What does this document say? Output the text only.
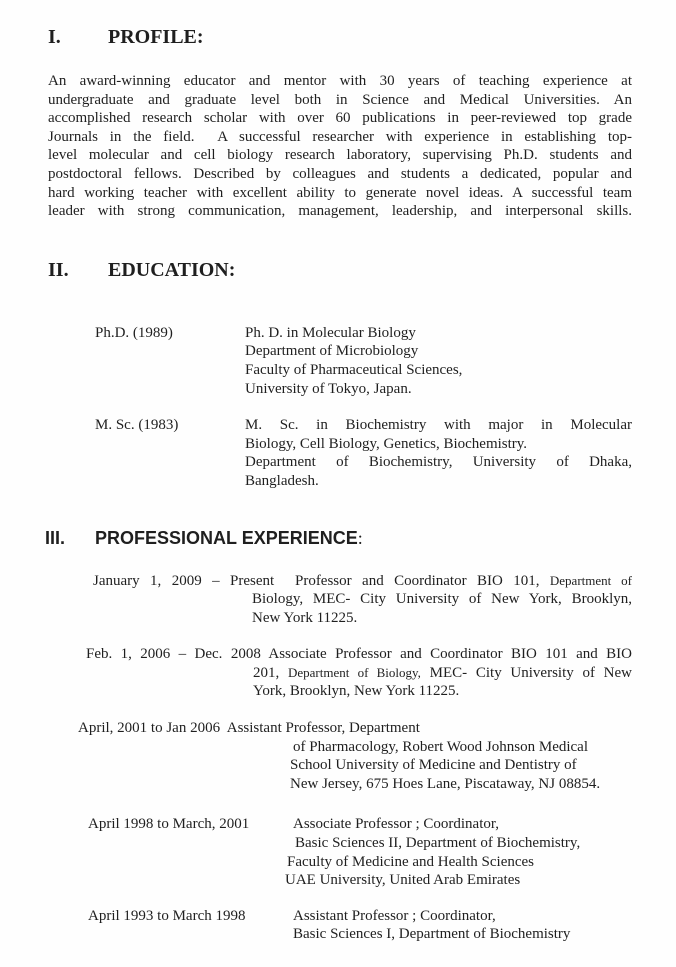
I.	PROFILE:

An award-winning educator and mentor with 30 years of teaching experience at
undergraduate and graduate level both in Science and Medical Universities. An
accomplished research scholar with over 60 publications in peer-reviewed top grade
Journals in the field.  A successful researcher with experience in establishing top-
level molecular and cell biology research laboratory, supervising Ph.D. students and
postdoctoral fellows. Described by colleagues and students a dedicated, popular and
hard working teacher with excellent ability to generate novel ideas. A successful team
leader with strong communication, management, leadership, and interpersonal skills.

II.	EDUCATION:
Ph.D. (1989)	Ph. D. in Molecular Biology
Department of Microbiology
Faculty of Pharmaceutical Sciences,
University of Tokyo, Japan.
M. Sc. (1983)	M. Sc. in Biochemistry with major in Molecular
Biology, Cell Biology, Genetics, Biochemistry.
Department of Biochemistry, University of Dhaka,
Bangladesh.
III.	PROFESSIONAL EXPERIENCE :
January 1, 2009 – Present  Professor and Coordinator BIO 101, Department of
Biology, MEC- City University of New York, Brooklyn,
New York 11225.
Feb. 1, 2006 – Dec. 2008 Associate Professor and Coordinator BIO 101 and BIO
201, Department of Biology, MEC- City University of New
York, Brooklyn, New York 11225.
April, 2001 to Jan 2006  Assistant Professor, Department
of Pharmacology, Robert Wood Johnson Medical
School University of Medicine and Dentistry of
New Jersey, 675 Hoes Lane, Piscataway, NJ 08854.
April 1998 to March, 2001	Associate Professor ; Coordinator,
Basic Sciences II, Department of Biochemistry,
Faculty of Medicine and Health Sciences
UAE University, United Arab Emirates
April 1993 to March 1998	Assistant Professor ; Coordinator,
Basic Sciences I, Department of Biochemistry
